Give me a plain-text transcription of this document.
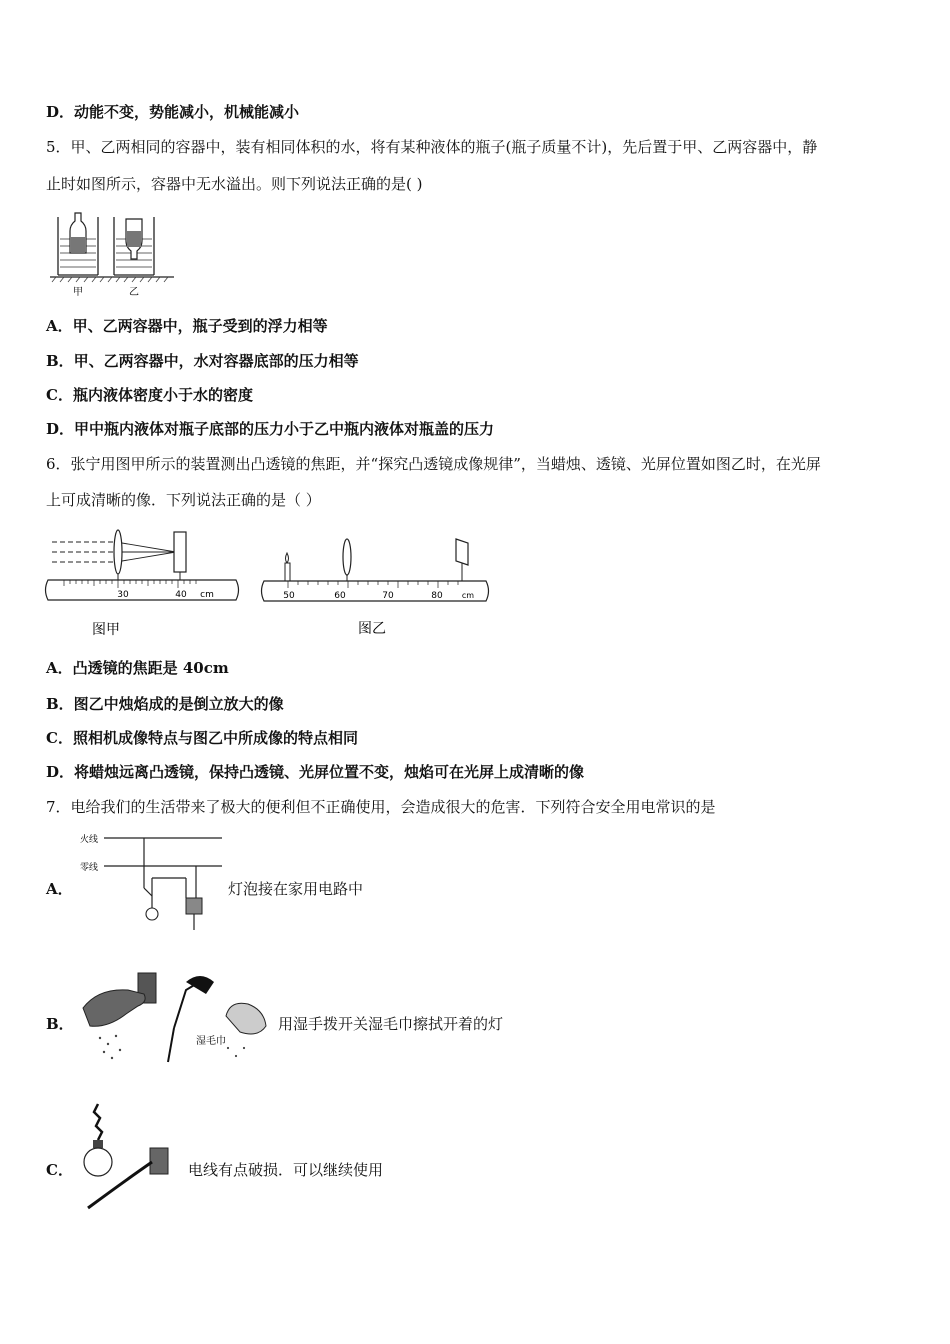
D．动能不变，势能减小，机械能减小
5．甲、乙两相同的容器中，装有相同体积的水，将有某种液体的瓶子(瓶子质量不计)，先后置于甲、乙两容器中，静
止时如图所示，容器中无水溢出。则下列说法正确的是( )
甲	乙
A．甲、乙两容器中，瓶子受到的浮力相等
B．甲、乙两容器中，水对容器底部的压力相等
C．瓶内液体密度小于水的密度
D．甲中瓶内液体对瓶子底部的压力小于乙中瓶内液体对瓶盖的压力
6．张宁用图甲所示的装置测出凸透镜的焦距，并“探究凸透镜成像规律”，当蜡烛、透镜、光屏位置如图乙时，在光屏
上可成清晰的像．下列说法正确的是（ ）
30	40 cm
图甲
50	60	70	80 cm
图乙
A．凸透镜的焦距是 40cm
B．图乙中烛焰成的是倒立放大的像
C．照相机成像特点与图乙中所成像的特点相同
D．将蜡烛远离凸透镜，保持凸透镜、光屏位置不变，烛焰可在光屏上成清晰的像
7．电给我们的生活带来了极大的便利但不正确使用，会造成很大的危害．下列符合安全用电常识的是
A．
火线
零线
灯泡接在家用电路中
B．
湿毛巾
用湿手拨开关湿毛巾擦拭开着的灯
C．	电线有点破损．可以继续使用
